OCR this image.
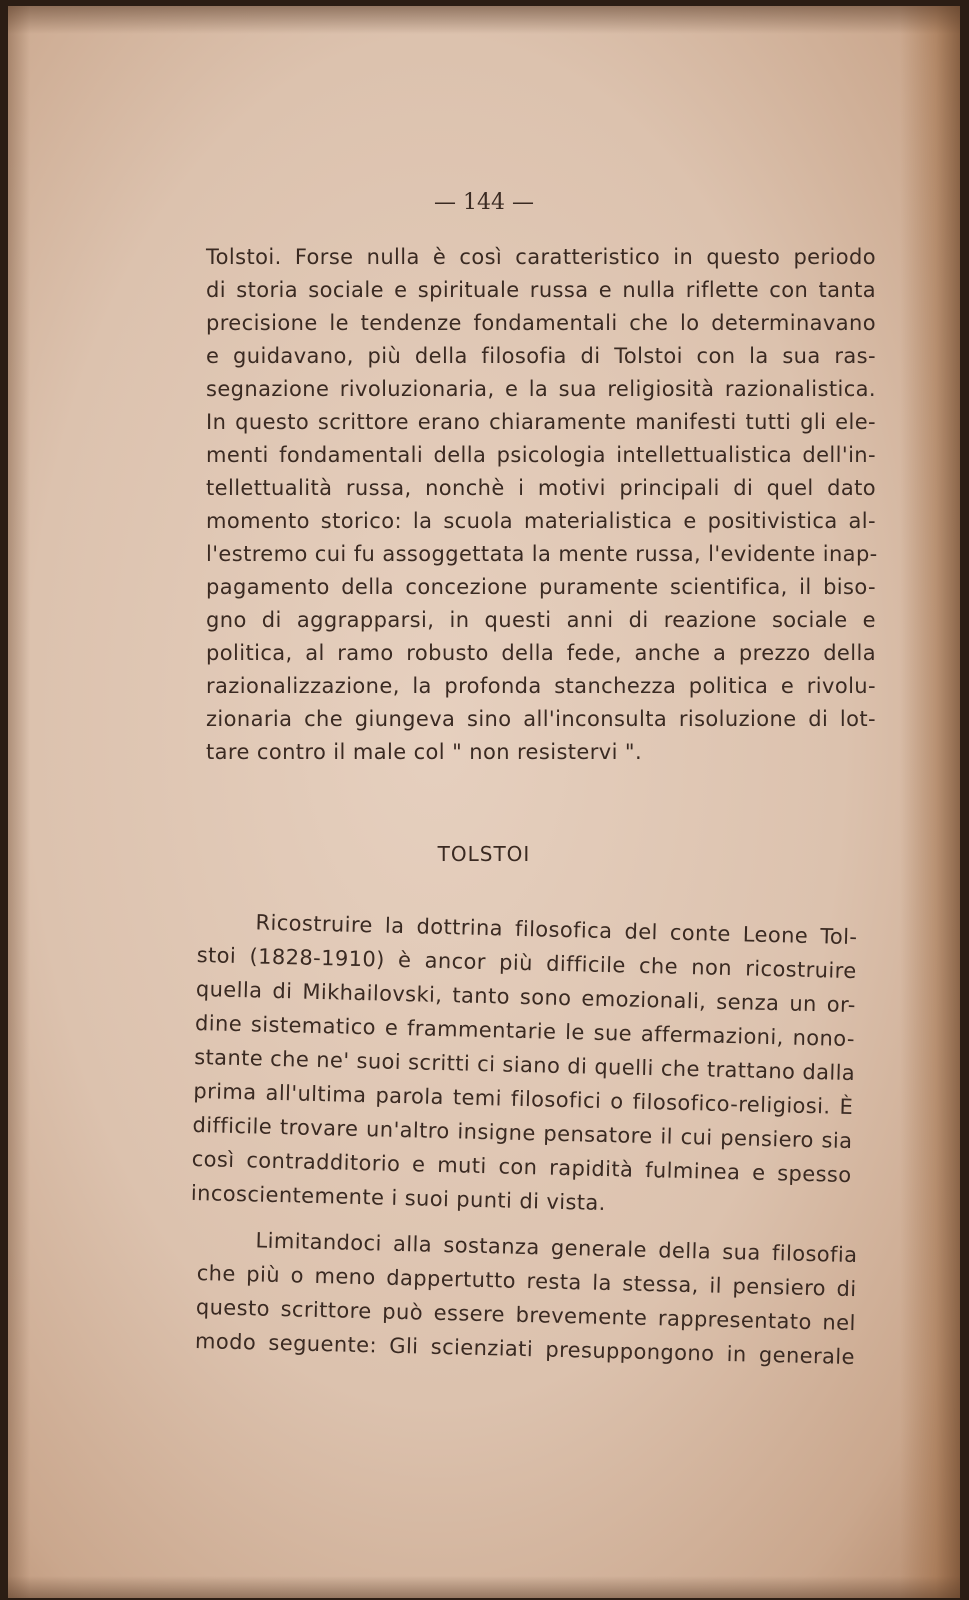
— 144 —
Tolstoi. Forse nulla è così caratteristico in questo periodo
di storia sociale e spirituale russa e nulla riflette con tanta
precisione le tendenze fondamentali che lo determinavano
e guidavano, più della filosofia di Tolstoi con la sua ras-
segnazione rivoluzionaria, e la sua religiosità razionalistica.
In questo scrittore erano chiaramente manifesti tutti gli ele-
menti fondamentali della psicologia intellettualistica dell'in-
tellettualità russa, nonchè i motivi principali di quel dato
momento storico: la scuola materialistica e positivistica al-
l'estremo cui fu assoggettata la mente russa, l'evidente inap-
pagamento della concezione puramente scientifica, il biso-
gno di aggrapparsi, in questi anni di reazione sociale e
politica, al ramo robusto della fede, anche a prezzo della
razionalizzazione, la profonda stanchezza politica e rivolu-
zionaria che giungeva sino all'inconsulta risoluzione di lot-
tare contro il male col " non resistervi ".
TOLSTOI
Ricostruire la dottrina filosofica del conte Leone Tol-
stoi (1828-1910) è ancor più difficile che non ricostruire
quella di Mikhailovski, tanto sono emozionali, senza un or-
dine sistematico e frammentarie le sue affermazioni, nono-
stante che ne' suoi scritti ci siano di quelli che trattano dalla
prima all'ultima parola temi filosofici o filosofico-religiosi. È
difficile trovare un'altro insigne pensatore il cui pensiero sia
così contradditorio e muti con rapidità fulminea e spesso
incoscientemente i suoi punti di vista.
Limitandoci alla sostanza generale della sua filosofia
che più o meno dappertutto resta la stessa, il pensiero di
questo scrittore può essere brevemente rappresentato nel
modo seguente: Gli scienziati presuppongono in generale
